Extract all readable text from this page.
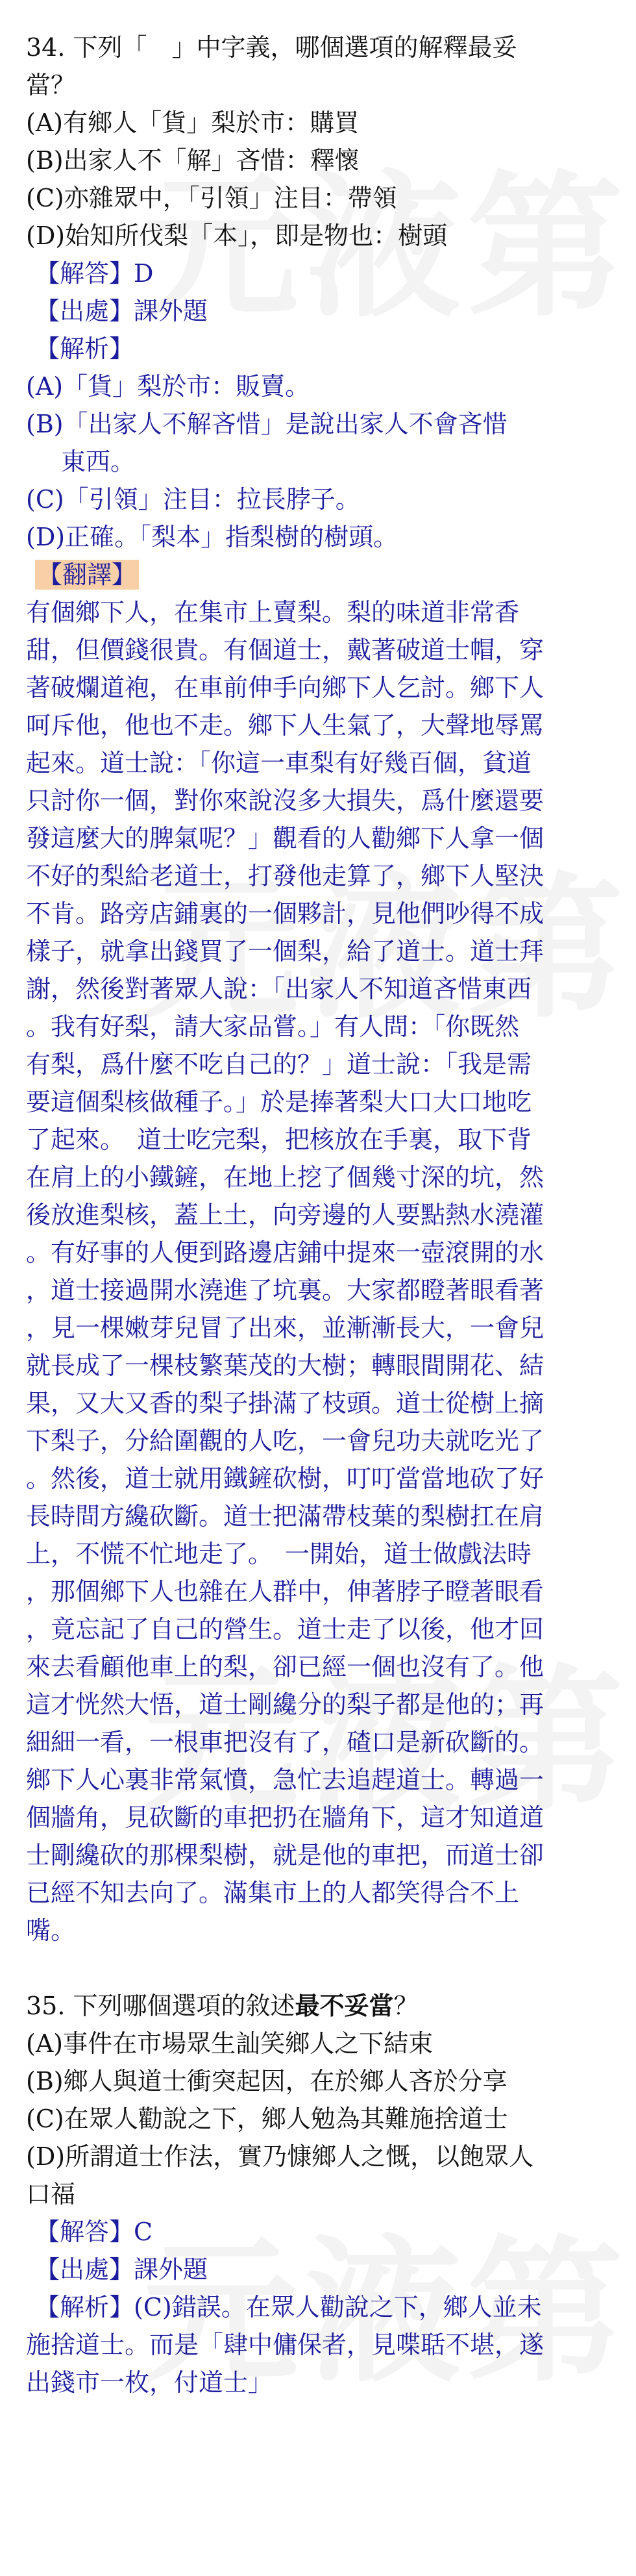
34. 下列「　」中字義，哪個選項的解釋最妥
當？
(A)有鄉人「貨」梨於市：購買
(B)出家人不「解」吝惜：釋懷
(C)亦雜眾中，「引領」注目：帶領
(D)始知所伐梨「本」，即是物也：樹頭
【解答】D
【出處】課外題
【解析】
(A)「貨」梨於市：販賣。
(B)「出家人不解吝惜」是說出家人不會吝惜
東西。
(C)「引領」注目：拉長脖子。
(D)正確。「梨本」指梨樹的樹頭。
【翻譯】
有個鄉下人，在集市上賣梨。梨的味道非常香
甜，但價錢很貴。有個道士，戴著破道士帽，穿
著破爛道袍，在車前伸手向鄉下人乞討。鄉下人
呵斥他，他也不走。鄉下人生氣了，大聲地辱罵
起來。道士說：「你這一車梨有好幾百個，貧道
只討你一個，對你來說沒多大損失，爲什麼還要
發這麼大的脾氣呢？」觀看的人勸鄉下人拿一個
不好的梨給老道士，打發他走算了，鄉下人堅決
不肯。路旁店鋪裏的一個夥計，見他們吵得不成
樣子，就拿出錢買了一個梨，給了道士。道士拜
謝，然後對著眾人說：「出家人不知道吝惜東西
。我有好梨，請大家品嘗。」有人問：「你既然
有梨，爲什麼不吃自己的？」道士說：「我是需
要這個梨核做種子。」於是捧著梨大口大口地吃
了起來。　道士吃完梨，把核放在手裏，取下背
在肩上的小鐵鏟，在地上挖了個幾寸深的坑，然
後放進梨核，蓋上土，向旁邊的人要點熱水澆灌
。有好事的人便到路邊店鋪中提來一壺滾開的水
，道士接過開水澆進了坑裏。大家都瞪著眼看著
，見一棵嫩芽兒冒了出來，並漸漸長大，一會兒
就長成了一棵枝繁葉茂的大樹；轉眼間開花、結
果，又大又香的梨子掛滿了枝頭。道士從樹上摘
下梨子，分給圍觀的人吃，一會兒功夫就吃光了
。然後，道士就用鐵鏟砍樹，叮叮當當地砍了好
長時間方纔砍斷。道士把滿帶枝葉的梨樹扛在肩
上，不慌不忙地走了。　一開始，道士做戲法時
，那個鄉下人也雜在人群中，伸著脖子瞪著眼看
，竟忘記了自己的營生。道士走了以後，他才回
來去看顧他車上的梨，卻已經一個也沒有了。他
這才恍然大悟，道士剛纔分的梨子都是他的；再
細細一看，一根車把沒有了，碴口是新砍斷的。
鄉下人心裏非常氣憤，急忙去追趕道士。轉過一
個牆角，見砍斷的車把扔在牆角下，這才知道道
士剛纔砍的那棵梨樹，就是他的車把，而道士卻
已經不知去向了。滿集市上的人都笑得合不上
嘴。
35. 下列哪個選項的敘述最不妥當？
(A)事件在市場眾生訕笑鄉人之下結束
(B)鄉人與道士衝突起因，在於鄉人吝於分享
(C)在眾人勸說之下，鄉人勉為其難施捨道士
(D)所謂道士作法，實乃慷鄉人之慨，以飽眾人
口福
【解答】C
【出處】課外題
【解析】(C)錯誤。在眾人勸說之下，鄉人並未
施捨道士。而是「肆中傭保者，見喋聒不堪，遂
出錢市一枚，付道士」
